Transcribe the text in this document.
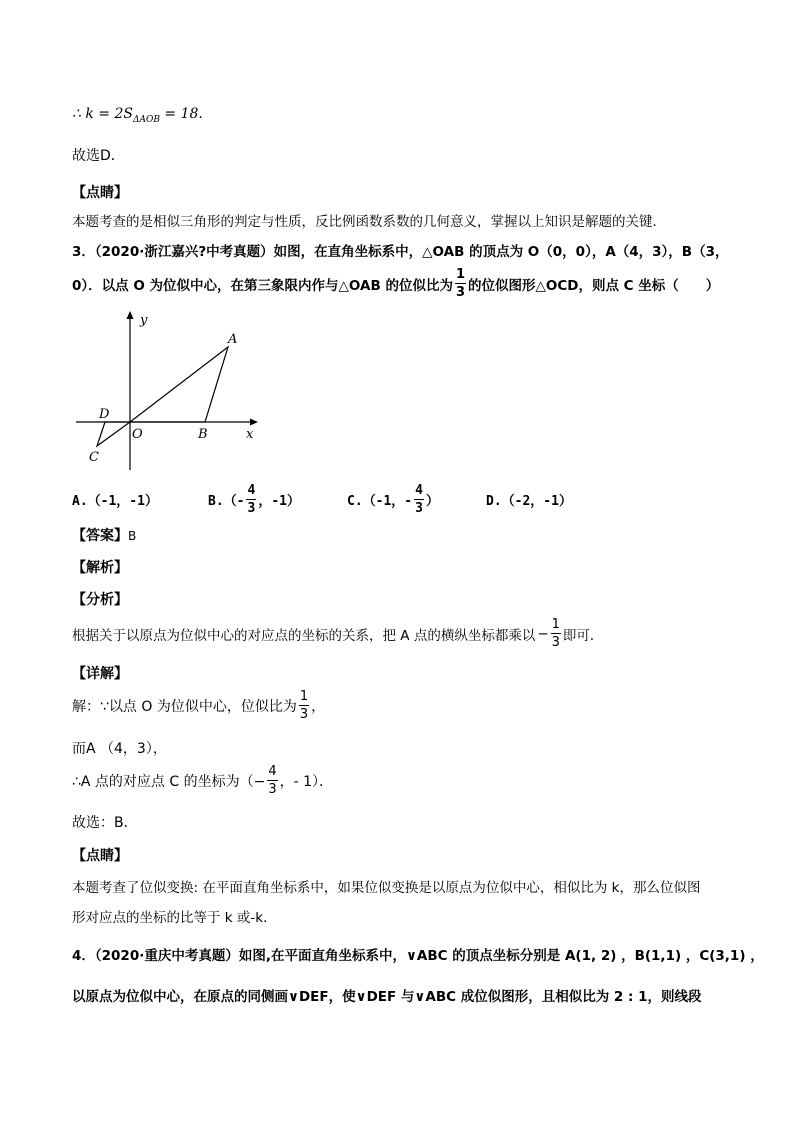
∴ $k = 2S_{\Delta AOB} = 18$.
故选D．
【点睛】
本题考查的是相似三角形的判定与性质，反比例函数系数的几何意义，掌握以上知识是解题的关键．
3．（2020·浙江嘉兴?中考真题）如图，在直角坐标系中，△OAB 的顶点为 O（0，0），A（4，3），B（3，
0）．以点 O 为位似中心，在第三象限内作与△OAB 的位似比为 $\frac{1}{3}$ 的位似图形△OCD，则点 C 坐标（　　）
y
A
D
O	B	x
C
A.（-1，-1）	$B.(- \frac{4}{3}$ ，-1）	C.（-1，- $\frac{4}{3}$ ）	D.（-2，-1）
【答案】B
【解析】
【分析】
根据关于以原点为位似中心的对应点的坐标的关系，把 A 点的横纵坐标都乘以 − $\frac{1}{3}$ 即可．
【详解】
解：∵以点 O 为位似中心，位似比为 $\frac{1}{3}$ ，
而A （4，3），
∴A 点的对应点 C 的坐标为（− $\frac{4}{3}$ ，- 1）．
故选：B．
【点睛】
本题考查了位似变换: 在平面直角坐标系中，如果位似变换是以原点为位似中心，相似比为 k，那么位似图
形对应点的坐标的比等于 k 或-k．
4．（2020·重庆中考真题）如图,在平面直角坐标系中，∨ABC 的顶点坐标分别是 A(1, 2) ，B(1,1) ，C(3,1) ，
以原点为位似中心，在原点的同侧画∨DEF，使∨DEF 与∨ABC 成位似图形，且相似比为 2 : 1，则线段
